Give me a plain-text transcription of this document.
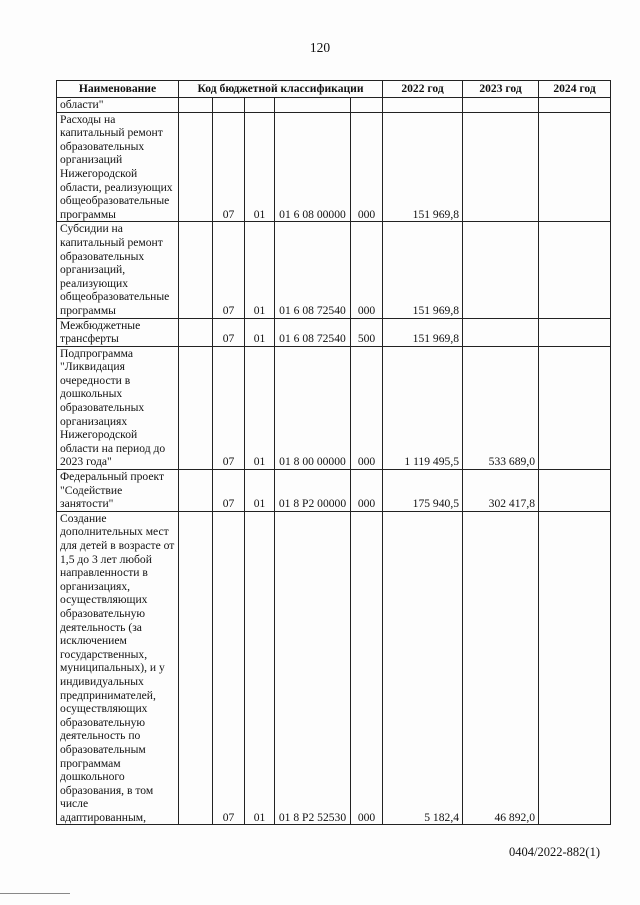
120
Наименование	Код бюджетной классификации					2022 год	2023 год	2024 год
области"								
Расходы на капитальный ремонт образовательных организаций Нижегородской области, реализующих общеобразовательные программы		07	01	01 6 08 00000	000	151 969,8		
Субсидии на капитальный ремонт образовательных организаций, реализующих общеобразовательные программы		07	01	01 6 08 72540	000	151 969,8		
Межбюджетные трансферты		07	01	01 6 08 72540	500	151 969,8		
Подпрограмма "Ликвидация очередности в дошкольных образовательных организациях Нижегородской области на период до 2023 года"		07	01	01 8 00 00000	000	1 119 495,5	533 689,0	
Федеральный проект "Содействие занятости"		07	01	01 8 P2 00000	000	175 940,5	302 417,8	
Создание дополнительных мест для детей в возрасте от 1,5 до 3 лет любой направленности в организациях, осуществляющих образовательную деятельность (за исключением государственных, муниципальных), и у индивидуальных предпринимателей, осуществляющих образовательную деятельность по образовательным программам дошкольного образования, в том числе адаптированным,		07	01	01 8 P2 52530	000	5 182,4	46 892,0	
0404/2022-882(1)
